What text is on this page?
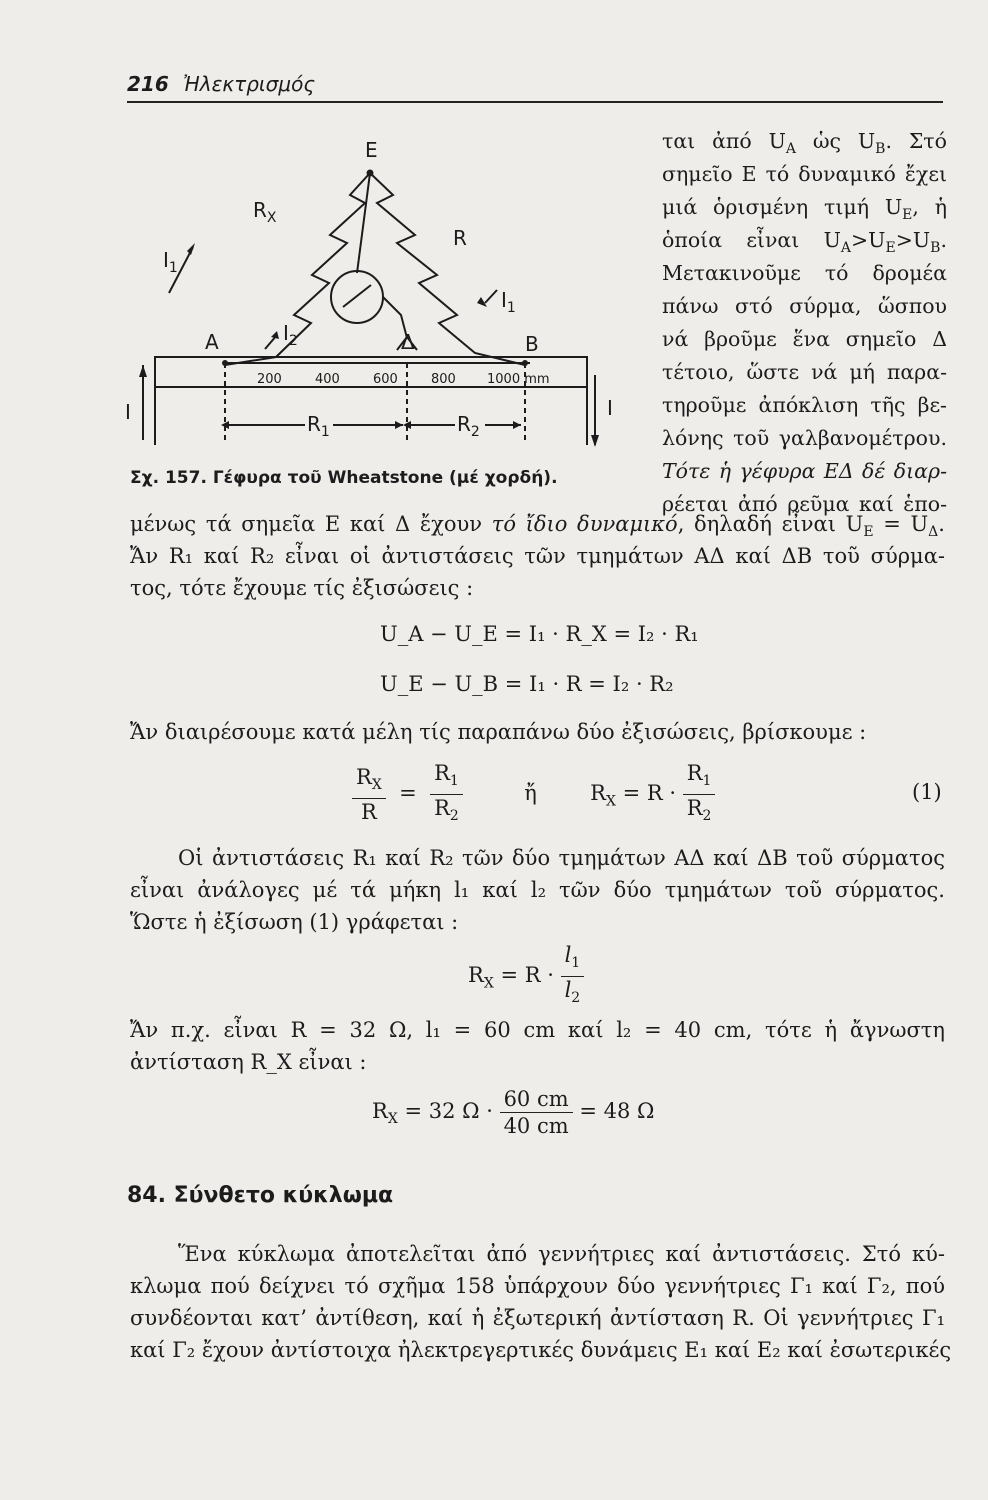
216 Ἠλεκτρισμός
E
$R_X$
R
$I_1$
$I_1$
$I_2$
A	Δ	B
I	I
$R_1$	$R_2$
200	400	600	800 1000 mm
Σχ. 157. Γέφυρα τοῦ Wheatstone (μέ χορδή).
ται ἀπό $U_A$ ὡς $U_B$. Στό
σημεῖο E τό δυναμικό ἔχει
μιά ὁρισμένη τιμή $U_E$, ἡ
ὁποία εἶναι $U_A>U_E>U_B$.
Μετακινοῦμε τό δρομέα
πάνω στό σύρμα, ὥσπου
νά βροῦμε ἕνα σημεῖο Δ
τέτοιο, ὥστε νά μή παρα-
τηροῦμε ἀπόκλιση τῆς βε-
λόνης τοῦ γαλβανομέτρου.
Τότε ἡ γέφυρα ΕΔ δέ διαρ-
ρέεται ἀπό ρεῦμα καί ἑπο-
μένως τά σημεῖα E καί Δ ἔχουν τό ἴδιο δυναμικό, δηλαδή εἶναι $U_E = U_\Delta$.
Ἄν R₁ καί R₂ εἶναι οἱ ἀντιστάσεις τῶν τμημάτων ΑΔ καί ΔΒ τοῦ σύρμα-
τος, τότε ἔχουμε τίς ἐξισώσεις :
U_A − U_E = I₁ · R_X = I₂ · R₁
U_E − U_B = I₁ · R = I₂ · R₂
Ἄν διαιρέσουμε κατά μέλη τίς παραπάνω δύο ἐξισώσεις, βρίσκουμε :
$\frac{R_X}{R} = \frac{R_1}{R_2}$	ἤ  $R_X = R \cdot \frac{R_1}{R_2}$	(1)
Οἱ ἀντιστάσεις R₁ καί R₂ τῶν δύο τμημάτων ΑΔ καί ΔΒ τοῦ σύρματος
εἶναι ἀνάλογες μέ τά μήκη l₁ καί l₂ τῶν δύο τμημάτων τοῦ σύρματος.
Ὥστε ἡ ἐξίσωση (1) γράφεται :
$R_X = R \cdot \frac{l_1}{l_2}$
Ἄν π.χ. εἶναι R = 32 Ω, l₁ = 60 cm καί l₂ = 40 cm, τότε ἡ ἄγνωστη
ἀντίσταση R_X εἶναι :
$R_X = 32$ $\Omega \cdot \frac{60 cm}{40 cm} = 48$ Ω
84. Σύνθετο κύκλωμα
Ἕνα κύκλωμα ἀποτελεῖται ἀπό γεννήτριες καί ἀντιστάσεις. Στό κύ-
κλωμα πού δείχνει τό σχῆμα 158 ὑπάρχουν δύο γεννήτριες Γ₁ καί Γ₂, πού
συνδέονται κατ’ ἀντίθεση, καί ἡ ἐξωτερική ἀντίσταση R. Οἱ γεννήτριες Γ₁
καί Γ₂ ἔχουν ἀντίστοιχα ἠλεκτρεγερτικές δυνάμεις E₁ καί E₂ καί ἐσωτερικές
